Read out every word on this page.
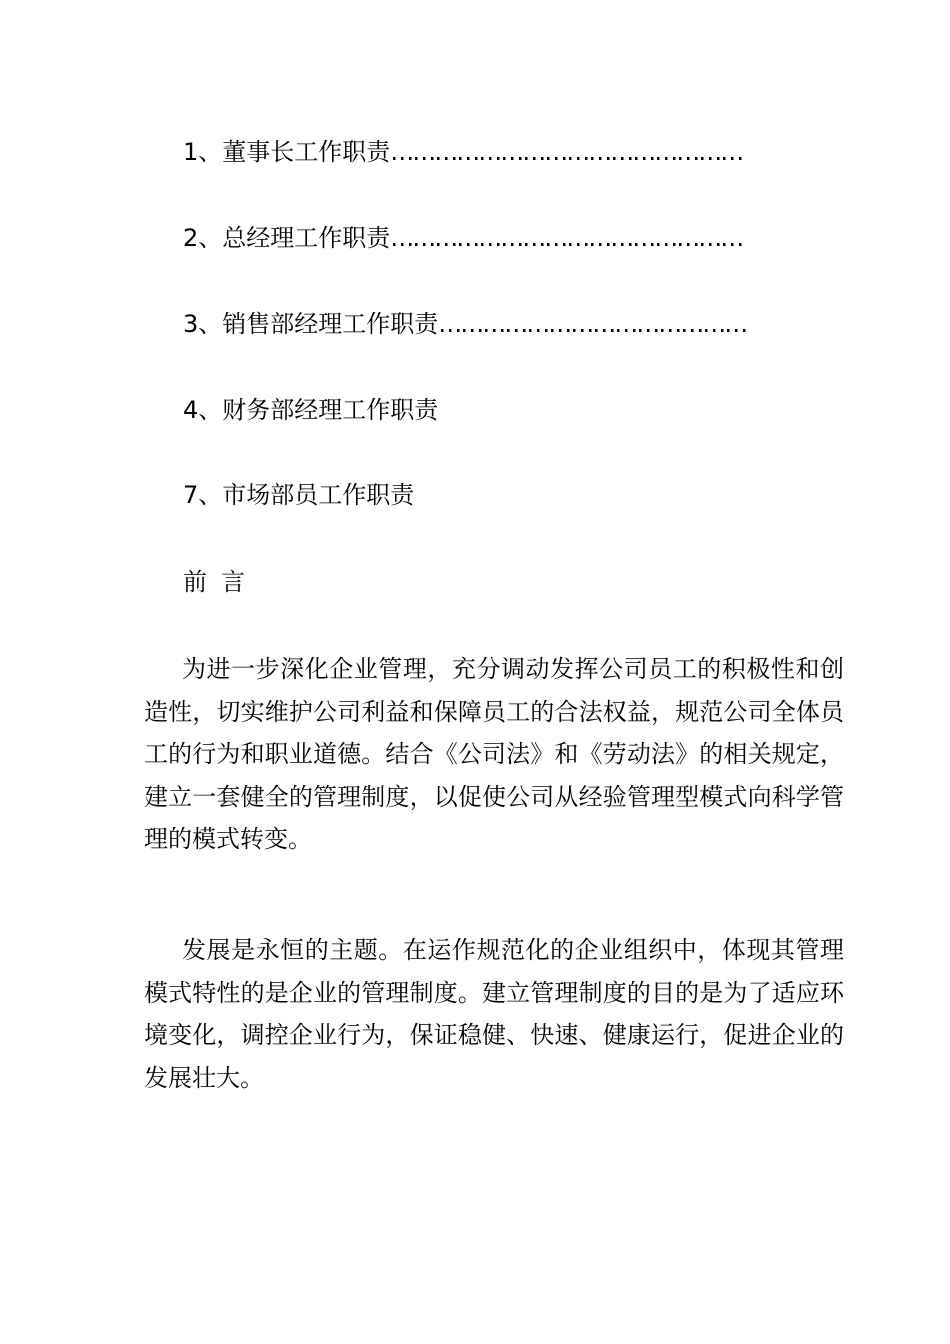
1、董事长工作职责…………………………………………
2、总经理工作职责…………………………………………
3、销售部经理工作职责……………………………………
4、财务部经理工作职责
7、市场部员工作职责
前言

为进一步深化企业管理，充分调动发挥公司员工的积极性和创造性，切实维护公司利益和保障员工的合法权益，规范公司全体员工的行为和职业道德。结合《公司法》和《劳动法》的相关规定，建立一套健全的管理制度，以促使公司从经验管理型模式向科学管理的模式转变。

发展是永恒的主题。在运作规范化的企业组织中，体现其管理模式特性的是企业的管理制度。建立管理制度的目的是为了适应环境变化，调控企业行为，保证稳健、快速、健康运行，促进企业的发展壮大。
